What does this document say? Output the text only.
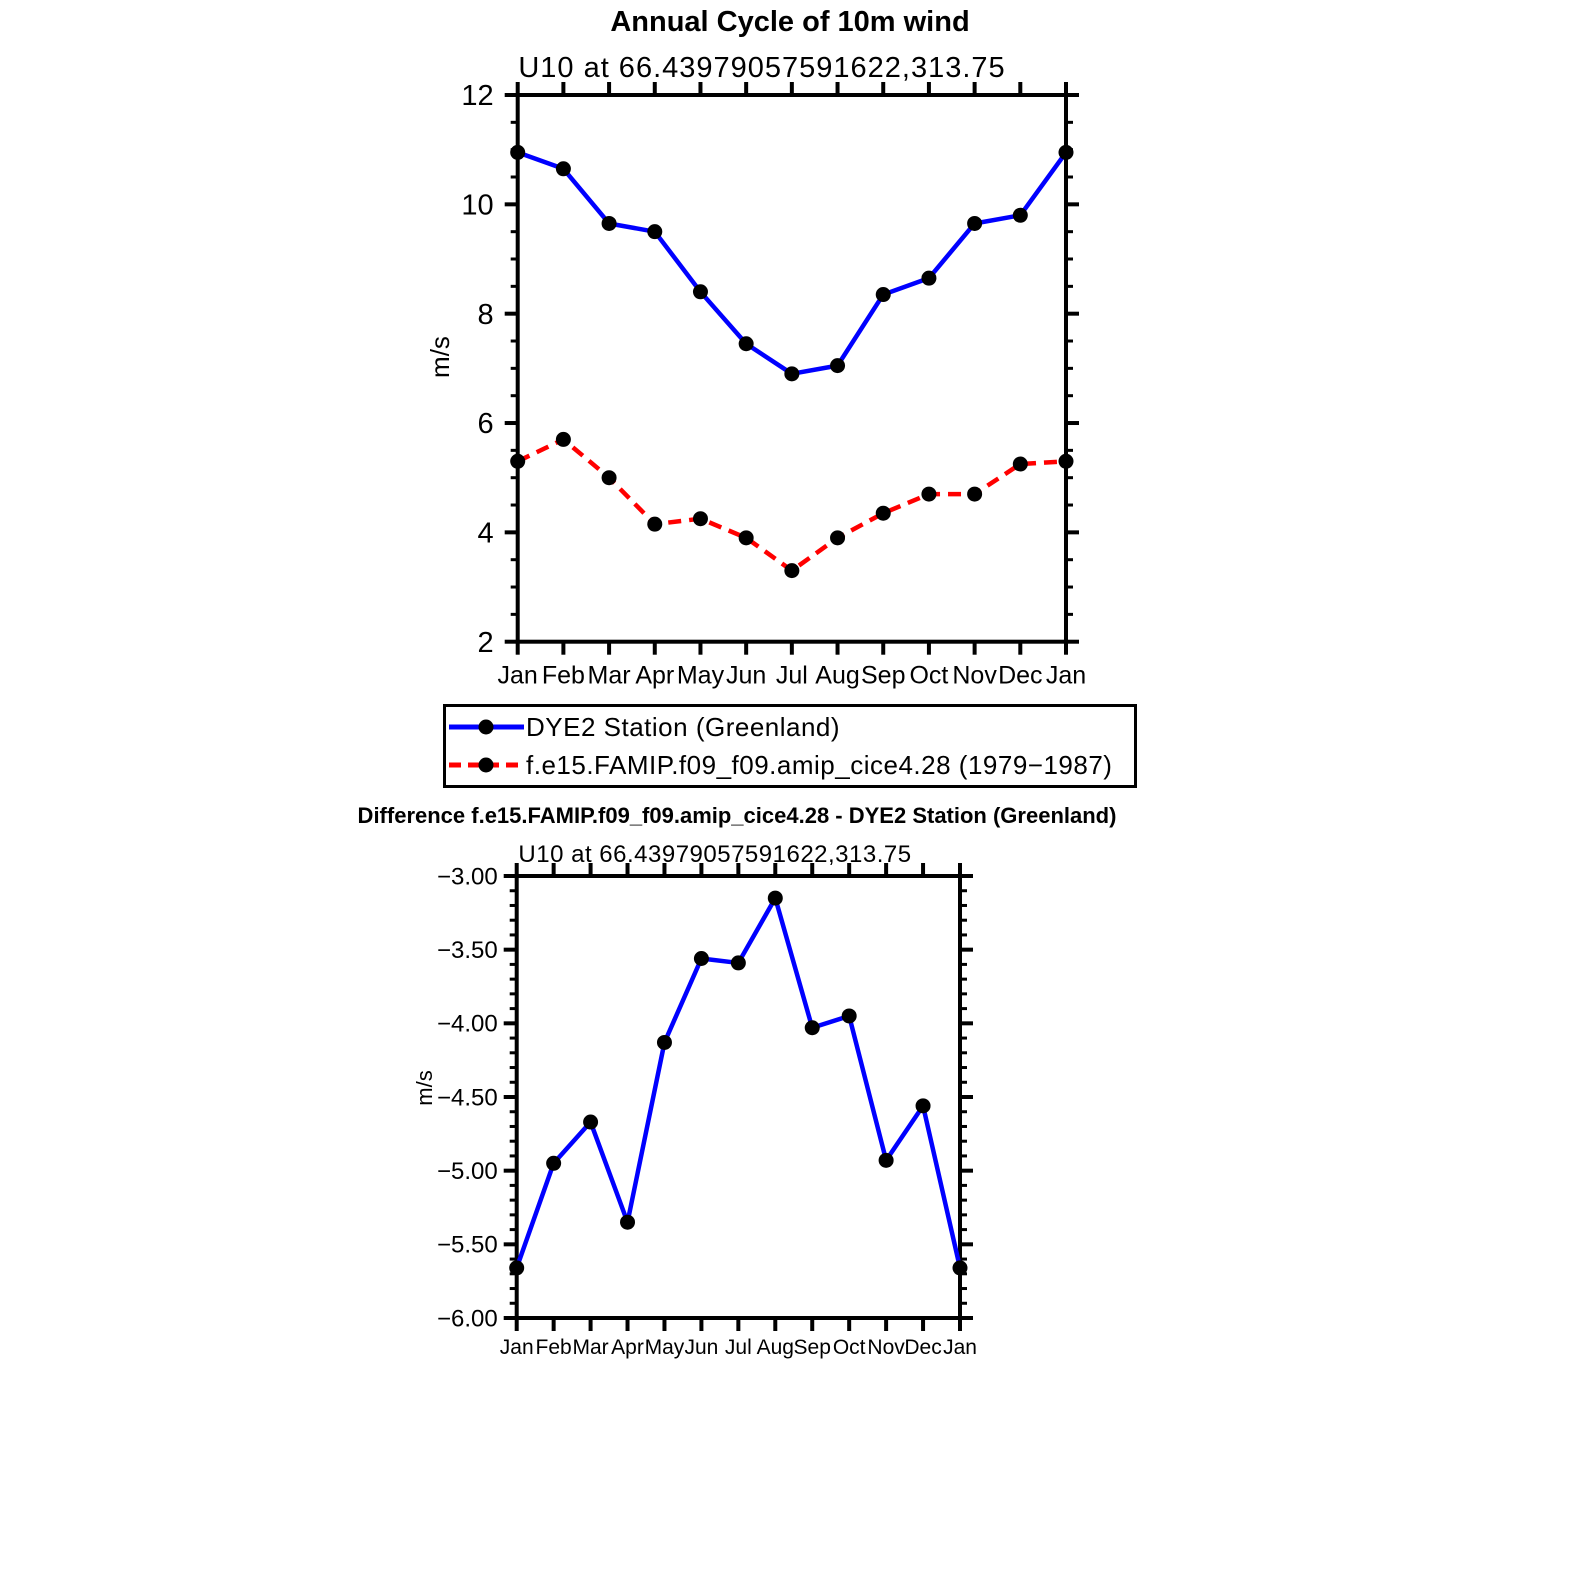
Annual Cycle of 10m wind
U10 at 66.43979057591622,313.75
Jan Feb Mar Apr May Jun Jul Aug Sep Oct Nov Dec Jan
12
10
8
6
4
2
m/s
Jan Feb Mar Apr May Jun Jul Aug Sep Oct Nov Dec Jan
−3.00
−3.50
−4.00
−4.50
−5.00
−5.50
−6.00
m/s
DYE2 Station (Greenland)
f.e15.FAMIP.f09_f09.amip_cice4.28 (1979−1987)
Difference f.e15.FAMIP.f09_f09.amip_cice4.28 - DYE2 Station (Greenland)
U10 at 66.43979057591622,313.75
